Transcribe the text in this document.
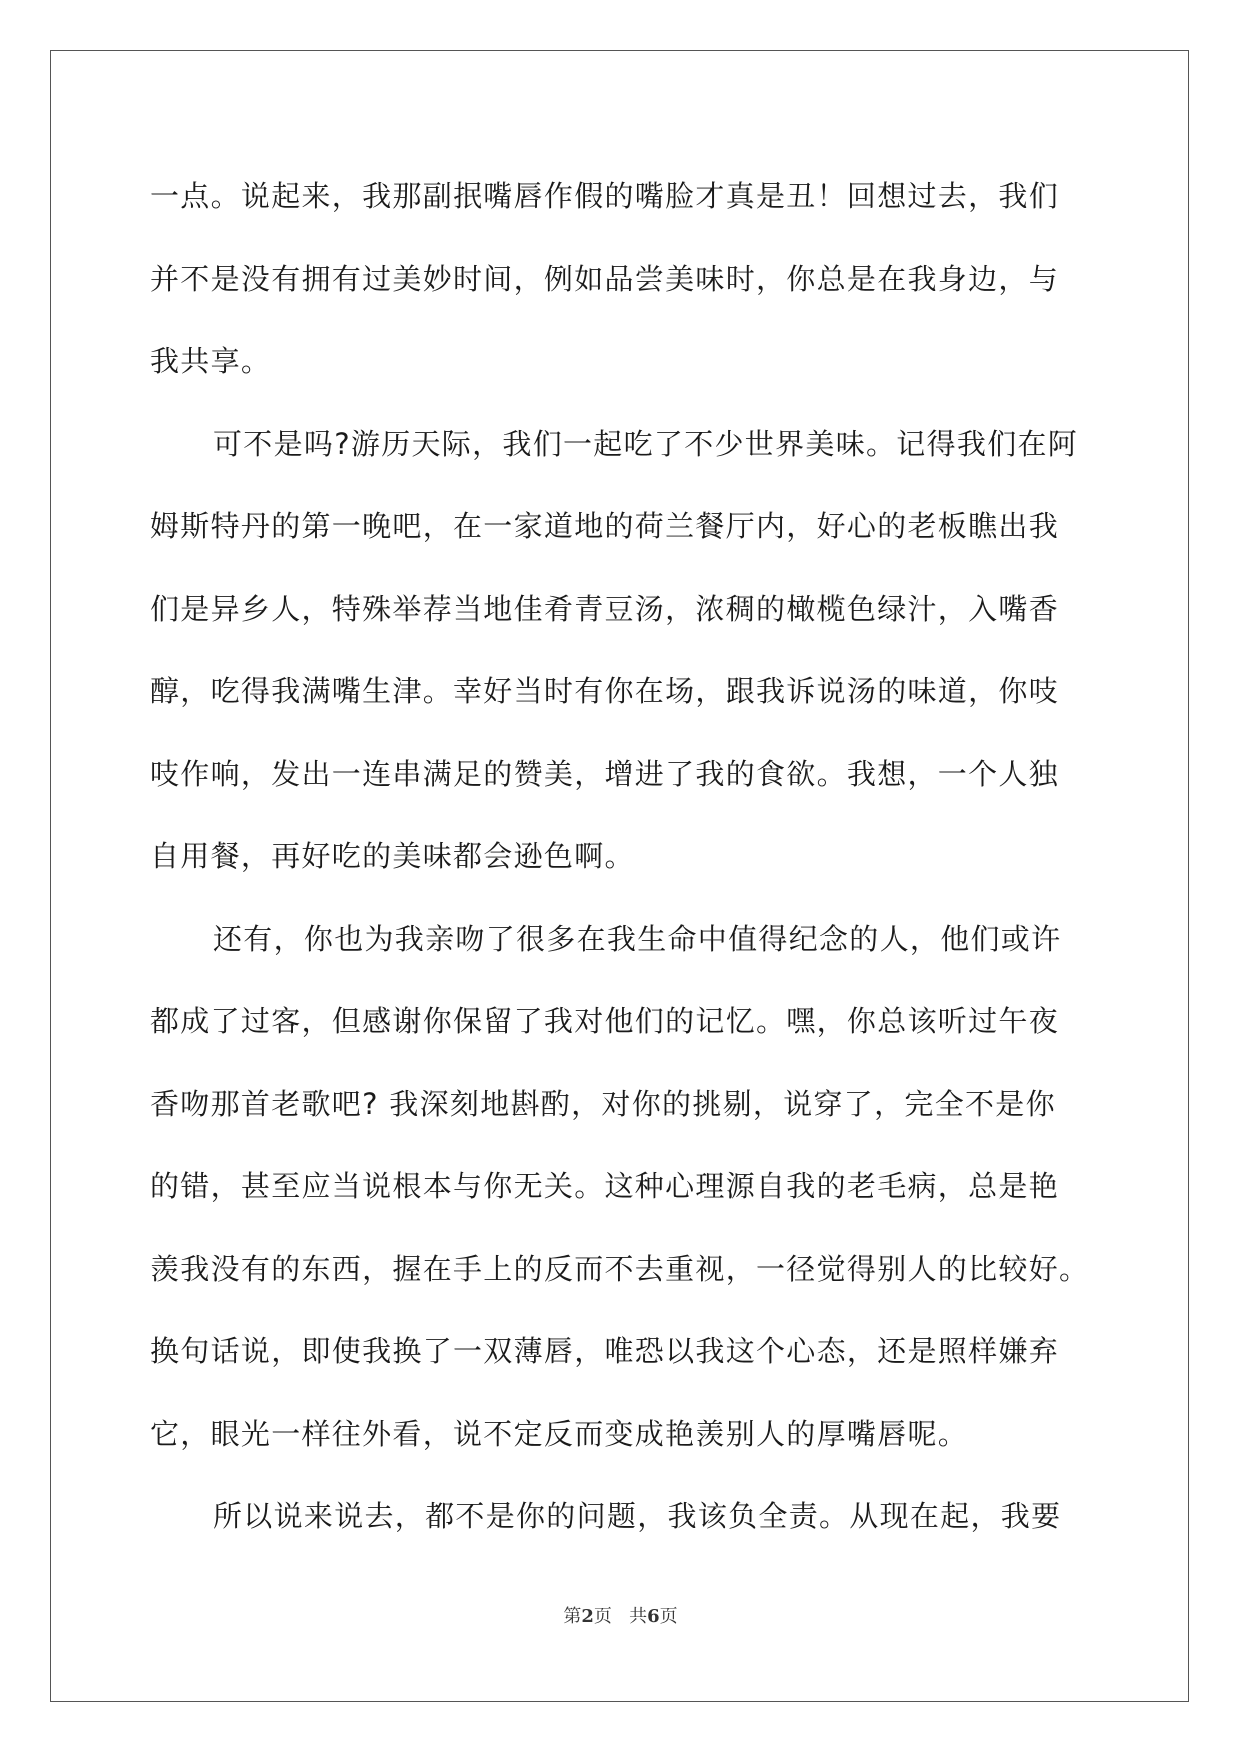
一点。说起来，我那副抿嘴唇作假的嘴脸才真是丑！回想过去，我们
并不是没有拥有过美妙时间，例如品尝美味时，你总是在我身边，与
我共享。
可不是吗?游历天际，我们一起吃了不少世界美味。记得我们在阿
姆斯特丹的第一晚吧，在一家道地的荷兰餐厅内，好心的老板瞧出我
们是异乡人，特殊举荐当地佳肴青豆汤，浓稠的橄榄色绿汁，入嘴香
醇，吃得我满嘴生津。幸好当时有你在场，跟我诉说汤的味道，你吱
吱作响，发出一连串满足的赞美，增进了我的食欲。我想，一个人独
自用餐，再好吃的美味都会逊色啊。
还有，你也为我亲吻了很多在我生命中值得纪念的人，他们或许
都成了过客，但感谢你保留了我对他们的记忆。嘿，你总该听过午夜
香吻那首老歌吧? 我深刻地斟酌，对你的挑剔，说穿了，完全不是你
的错，甚至应当说根本与你无关。这种心理源自我的老毛病，总是艳
羡我没有的东西，握在手上的反而不去重视，一径觉得别人的比较好。
换句话说，即使我换了一双薄唇，唯恐以我这个心态，还是照样嫌弃
它，眼光一样往外看，说不定反而变成艳羡别人的厚嘴唇呢。
所以说来说去，都不是你的问题，我该负全责。从现在起，我要
第2页 共6页
